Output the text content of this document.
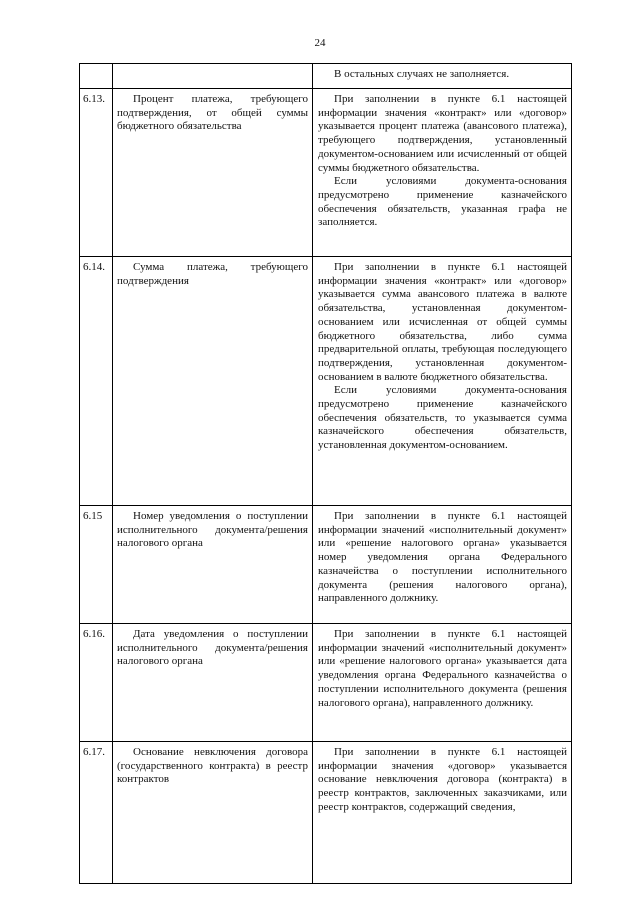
24

		В остальных случаях не заполняется.

6.13.	Процент платежа, требующего подтверждения, от общей суммы бюджетного обязательства	При заполнении в пункте 6.1 настоящей информации значения «контракт» или «договор» указывается процент платежа (авансового платежа), требующего подтверждения, установленный документом-основанием или исчисленный от общей суммы бюджетного обязательства.

Если условиями документа-основания предусмотрено применение казначейского обеспечения обязательств, указанная графа не заполняется.

6.14.	Сумма платежа, требующего подтверждения	При заполнении в пункте 6.1 настоящей информации значения «контракт» или «договор» указывается сумма авансового платежа в валюте обязательства, установленная документом-основанием или исчисленная от общей суммы бюджетного обязательства, либо сумма предварительной оплаты, требующая последующего подтверждения, установленная документом-основанием в валюте бюджетного обязательства.

Если условиями документа-основания предусмотрено применение казначейского обеспечения обязательств, то указывается сумма казначейского обеспечения обязательств, установленная документом-основанием.

6.15	Номер уведомления о поступлении исполнительного документа/решения налогового органа	При заполнении в пункте 6.1 настоящей информации значений «исполнительный документ» или «решение налогового органа» указывается номер уведомления органа Федерального казначейства о поступлении исполнительного документа (решения налогового органа), направленного должнику.

6.16.	Дата уведомления о поступлении исполнительного документа/решения налогового органа	При заполнении в пункте 6.1 настоящей информации значений «исполнительный документ» или «решение налогового органа» указывается дата уведомления органа Федерального казначейства о поступлении исполнительного документа (решения налогового органа), направленного должнику.

6.17.	Основание невключения договора (государственного контракта) в реестр контрактов	При заполнении в пункте 6.1 настоящей информации значения «договор» указывается основание невключения договора (контракта) в реестр контрактов, заключенных заказчиками, или реестр контрактов, содержащий сведения,
